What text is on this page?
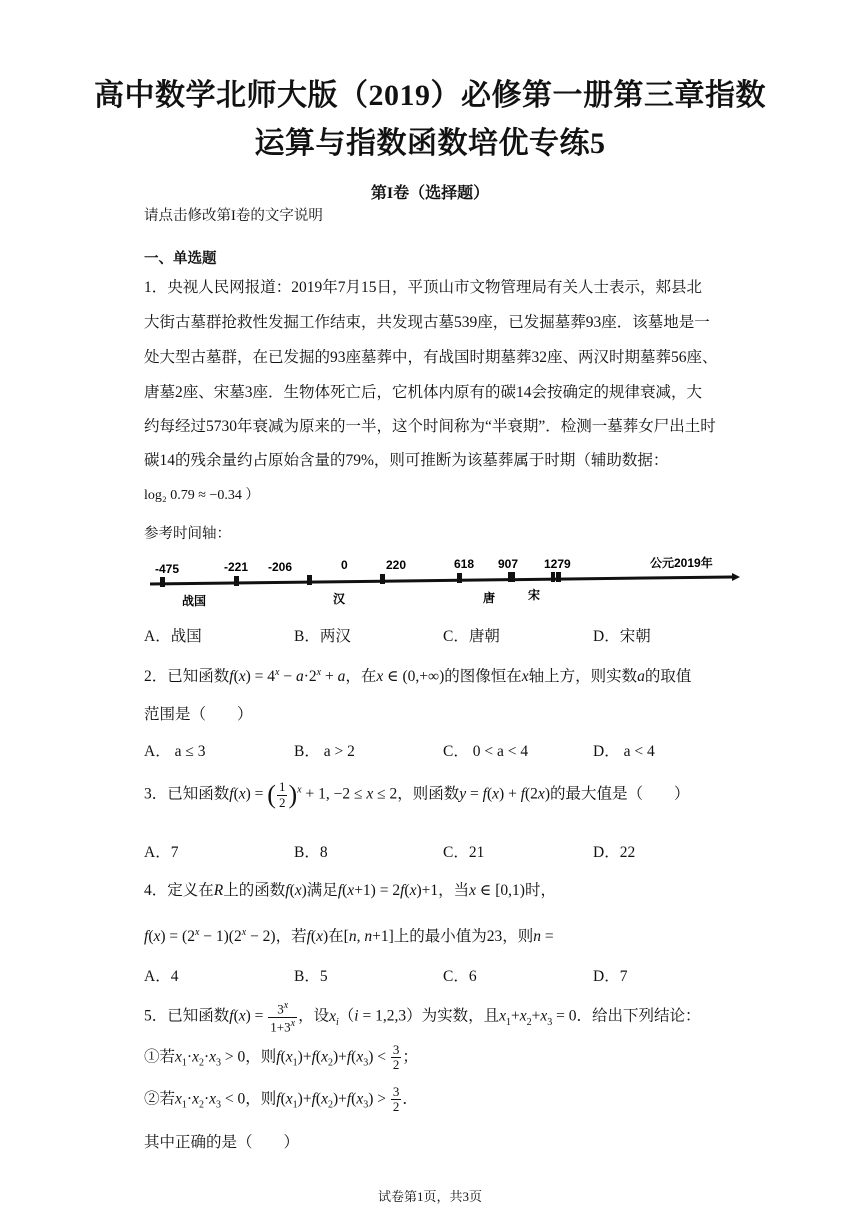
高中数学北师大版（2019）必修第一册第三章指数
运算与指数函数培优专练5
第I卷（选择题）
请点击修改第I卷的文字说明
一、单选题
1．央视人民网报道：2019年7月15日，平顶山市文物管理局有关人士表示，郏县北
大街古墓群抢救性发掘工作结束，共发现古墓539座，已发掘墓葬93座．该墓地是一
处大型古墓群，在已发掘的93座墓葬中，有战国时期墓葬32座、两汉时期墓葬56座、
唐墓2座、宋墓3座．生物体死亡后，它机体内原有的碳14会按确定的规律衰减，大
约每经过5730年衰减为原来的一半，这个时间称为“半衰期”．检测一墓葬女尸出土时
碳14的残余量约占原始含量的79%，则可推断为该墓葬属于时期（辅助数据：
log₂ 0.79 ≈ −0.34 ）
参考时间轴：
-475	-221 -206	0	220	618 907 1279	公元2019年
战国	汉	唐	宋
A．战国	B．两汉	C．唐朝	D．宋朝
2．已知函数$f(x) = 4^x - a\cdot 2^x + a$，在x ∈ (0,+∞)的图像恒在x轴上方，则实数a的取值
范围是（　　）
A． a ≤ 3	B． a > 2	C． 0 < a < 4	D． a < 4
3．已知函数f(x) = ( $\frac{1}{2} )^x + 1$, −2 ≤ x ≤ 2，则函数y = f(x) + f(2x)的最大值是（　　）
A．7	B．8	C．21	D．22
4．定义在R上的函数f(x)满足f(x+1) = 2f(x)+1，当x ∈ [0,1)时，
$f(x) = (2^x - 1)(2^x - 2)$，若f(x)在[n, n+1]上的最小值为23，则n =
A．4	B．5	C．6	D．7
5．已知函数$f(x) = \frac{3^x}{1+3^x}$ ，设$x_i(i = 1,2,3)$为实数，且$x_1+x_2+x_3 = 0$．给出下列结论：
①若$x_1\cdot x_2\cdot x_3 > 0$，则$f(x_1)+f(x_2)+f(x_3) < \frac{3}{2}$ ；
②若$x_1\cdot x_2\cdot x_3 < 0$，则$f(x_1)+f(x_2)+f(x_3) > \frac{3}{2}$ ．
其中正确的是（　　）
试卷第1页，共3页
